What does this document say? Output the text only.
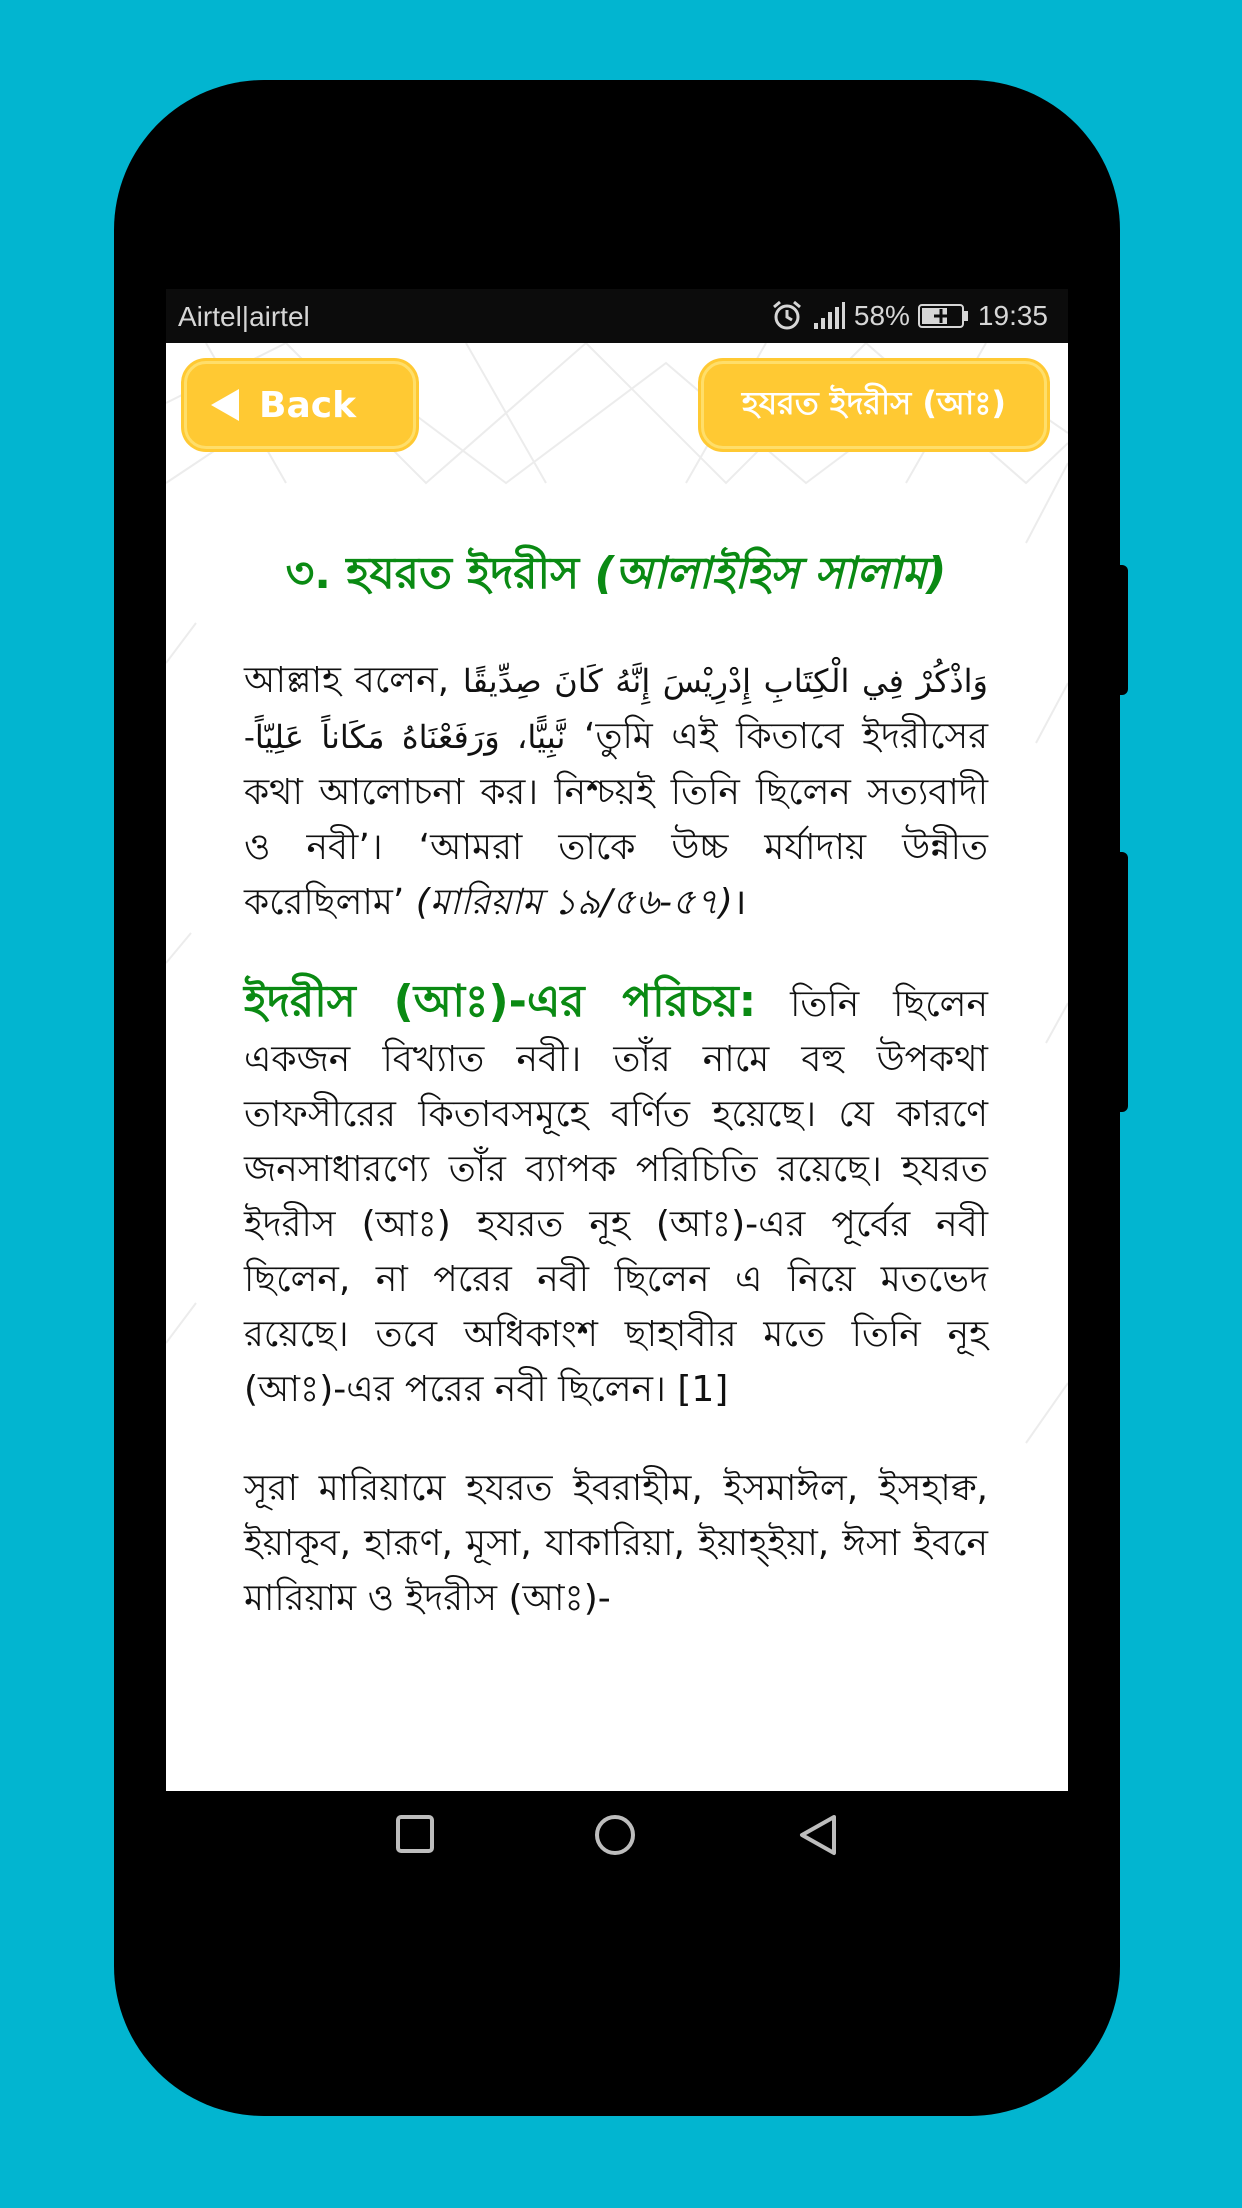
Airtel|airtel	58% 19:35
Back	হযরত ইদরীস (আঃ)
৩. হযরত ইদরীস (আলাইহিস সালাম)

আল্লাহ বলেন, وَاذْكُرْ فِي الْكِتَابِ إِدْرِيْسَ إِنَّهُ كَانَ صِدِّيقًا نَّبِيًّا، وَرَفَعْنَاهُ مَكَاناً عَلِيّاً- ‘তুমি এই কিতাবে ইদরীসের কথা আলোচনা কর। নিশ্চয়ই তিনি ছিলেন সত্যবাদী ও নবী’। ‘আমরা তাকে উচ্চ মর্যাদায় উন্নীত করেছিলাম’ (মারিয়াম ১৯/৫৬-৫৭)।

ইদরীস (আঃ)-এর পরিচয়: তিনি ছিলেন একজন বিখ্যাত নবী। তাঁর নামে বহু উপকথা তাফসীরের কিতাবসমূহে বর্ণিত হয়েছে। যে কারণে জনসাধারণ্যে তাঁর ব্যাপক পরিচিতি রয়েছে। হযরত ইদরীস (আঃ) হযরত নূহ (আঃ)-এর পূর্বের নবী ছিলেন, না পরের নবী ছিলেন এ নিয়ে মতভেদ রয়েছে। তবে অধিকাংশ ছাহাবীর মতে তিনি নূহ (আঃ)-এর পরের নবী ছিলেন। [1]

সূরা মারিয়ামে হযরত ইবরাহীম, ইসমাঈল, ইসহাক্ব, ইয়াকূব, হারূণ, মূসা, যাকারিয়া, ইয়াহ্ইয়া, ঈসা ইবনে মারিয়াম ও ইদরীস (আঃ)-
